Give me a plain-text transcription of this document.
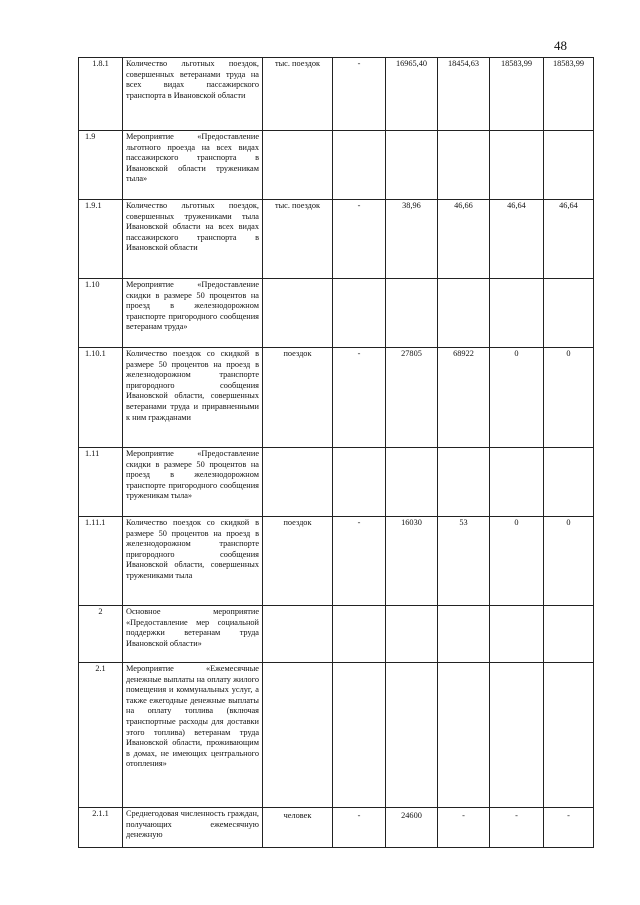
48
1.8.1	Количество льготных поездок, совершенных ветеранами труда на всех видах пассажирского транспорта в Ивановской области	тыс. поездок	-	16965,40	18454,63	18583,99	18583,99
1.9	Мероприятие «Предоставление льготного проезда на всех видах пассажирского транспорта в Ивановской области труженикам тыла»						
1.9.1	Количество льготных поездок, совершенных тружениками тыла Ивановской области на всех видах пассажирского транспорта в Ивановской области	тыс. поездок	-	38,96	46,66	46,64	46,64
1.10	Мероприятие «Предоставление скидки в размере 50 процентов на проезд в железнодорожном транспорте пригородного сообщения ветеранам труда»						
1.10.1	Количество поездок со скидкой в размере 50 процентов на проезд в железнодорожном транспорте пригородного сообщения Ивановской области, совершенных ветеранами труда и приравненными к ним гражданами	поездок	-	27805	68922	0	0
1.11	Мероприятие «Предоставление скидки в размере 50 процентов на проезд в железнодорожном транспорте пригородного сообщения труженикам тыла»						
1.11.1	Количество поездок со скидкой в размере 50 процентов на проезд в железнодорожном транспорте пригородного сообщения Ивановской области, совершенных тружениками тыла	поездок	-	16030	53	0	0
2	Основное мероприятие «Предоставление мер социальной поддержки ветеранам труда Ивановской области»						
2.1	Мероприятие «Ежемесячные денежные выплаты на оплату жилого помещения и коммунальных услуг, а также ежегодные денежные выплаты на оплату топлива (включая транспортные расходы для доставки этого топлива) ветеранам труда Ивановской области, проживающим в домах, не имеющих центрального отопления»						
2.1.1	Среднегодовая численность граждан, получающих ежемесячную денежную	человек	-	24600	-	-	-
